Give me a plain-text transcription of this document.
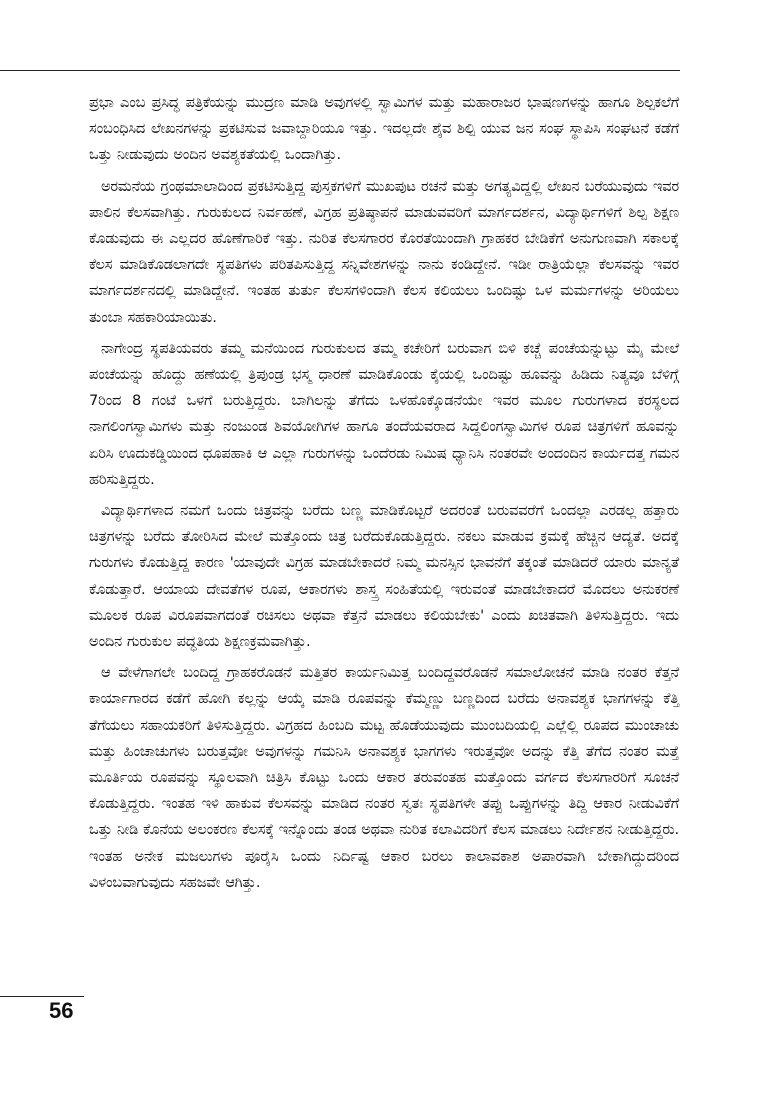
ಪ್ರಭಾ ಎಂಬ ಪ್ರಸಿದ್ಧ ಪತ್ರಿಕೆಯನ್ನು ಮುದ್ರಣ ಮಾಡಿ ಅವುಗಳಲ್ಲಿ ಸ್ವಾಮಿಗಳ ಮತ್ತು ಮಹಾರಾಜರ ಭಾಷಣಗಳನ್ನು ಹಾಗೂ ಶಿಲ್ಪಕಲೆಗೆ ಸಂಬಂಧಿಸಿದ ಲೇಖನಗಳನ್ನು ಪ್ರಕಟಿಸುವ ಜವಾಬ್ದಾರಿಯೂ ಇತ್ತು. ಇದಲ್ಲದೇ ಶೈವ ಶಿಲ್ಪಿ ಯುವ ಜನ ಸಂಘ ಸ್ಥಾಪಿಸಿ ಸಂಘಟನೆ ಕಡೆಗೆ ಒತ್ತು ನೀಡುವುದು ಅಂದಿನ ಅವಶ್ಯಕತೆಯಲ್ಲಿ ಒಂದಾಗಿತ್ತು.

ಅರಮನೆಯ ಗ್ರಂಥಮಾಲಾದಿಂದ ಪ್ರಕಟಿಸುತ್ತಿದ್ದ ಪುಸ್ತಕಗಳಿಗೆ ಮುಖಪುಟ ರಚನೆ ಮತ್ತು ಅಗತ್ಯವಿದ್ದಲ್ಲಿ ಲೇಖನ ಬರೆಯುವುದು ಇವರ ಪಾಲಿನ ಕೆಲಸವಾಗಿತ್ತು. ಗುರುಕುಲದ ನಿರ್ವಹಣೆ, ವಿಗ್ರಹ ಪ್ರತಿಷ್ಠಾಪನೆ ಮಾಡುವವರಿಗೆ ಮಾರ್ಗದರ್ಶನ, ವಿದ್ಯಾರ್ಥಿಗಳಿಗೆ ಶಿಲ್ಪ ಶಿಕ್ಷಣ ಕೊಡುವುದು ಈ ಎಲ್ಲದರ ಹೊಣೆಗಾರಿಕೆ ಇತ್ತು. ನುರಿತ ಕೆಲಸಗಾರರ ಕೊರತೆಯಿಂದಾಗಿ ಗ್ರಾಹಕರ ಬೇಡಿಕೆಗೆ ಅನುಗುಣವಾಗಿ ಸಕಾಲಕ್ಕೆ ಕೆಲಸ ಮಾಡಿಕೊಡಲಾಗದೇ ಸ್ಥಪತಿಗಳು ಪರಿತಪಿಸುತ್ತಿದ್ದ ಸನ್ನಿವೇಶಗಳನ್ನು ನಾನು ಕಂಡಿದ್ದೇನೆ. ಇಡೀ ರಾತ್ರಿಯೆಲ್ಲಾ ಕೆಲಸವನ್ನು ಇವರ ಮಾರ್ಗದರ್ಶನದಲ್ಲಿ ಮಾಡಿದ್ದೇನೆ. ಇಂತಹ ತುರ್ತು ಕೆಲಸಗಳಿಂದಾಗಿ ಕೆಲಸ ಕಲಿಯಲು ಒಂದಿಷ್ಟು ಒಳ ಮರ್ಮಗಳನ್ನು ಅರಿಯಲು ತುಂಬಾ ಸಹಕಾರಿಯಾಯಿತು.

ನಾಗೇಂದ್ರ ಸ್ಥಪತಿಯವರು ತಮ್ಮ ಮನೆಯಿಂದ ಗುರುಕುಲದ ತಮ್ಮ ಕಚೇರಿಗೆ ಬರುವಾಗ ಬಿಳಿ ಕಚ್ಚೆ ಪಂಚೆಯನ್ನುಟ್ಟು ಮೈ ಮೇಲೆ ಪಂಚೆಯನ್ನು ಹೊದ್ದು ಹಣೆಯಲ್ಲಿ ತ್ರಿಪುಂಡ್ರ ಭಸ್ಮ ಧಾರಣೆ ಮಾಡಿಕೊಂಡು ಕೈಯಲ್ಲಿ ಒಂದಿಷ್ಟು ಹೂವನ್ನು ಹಿಡಿದು ನಿತ್ಯವೂ ಬೆಳಿಗ್ಗೆ 7ರಿಂದ 8 ಗಂಟೆ ಒಳಗೆ ಬರುತ್ತಿದ್ದರು. ಬಾಗಿಲನ್ನು ತೆಗೆದು ಒಳಹೊಕ್ಕೊಡನೆಯೇ ಇವರ ಮೂಲ ಗುರುಗಳಾದ ಕರಸ್ಥಲದ ನಾಗಲಿಂಗಸ್ವಾಮಿಗಳು ಮತ್ತು ನಂಜುಂಡ ಶಿವಯೋಗಿಗಳ ಹಾಗೂ ತಂದೆಯವರಾದ ಸಿದ್ದಲಿಂಗಸ್ವಾಮಿಗಳ ರೂಪ ಚಿತ್ರಗಳಿಗೆ ಹೂವನ್ನು ಏರಿಸಿ ಊದುಕಡ್ಡಿಯಿಂದ ಧೂಪಹಾಕಿ ಆ ಎಲ್ಲಾ ಗುರುಗಳನ್ನು ಒಂದೆರಡು ನಿಮಿಷ ಧ್ಯಾನಿಸಿ ನಂತರವೇ ಅಂದಂದಿನ ಕಾರ್ಯದತ್ತ ಗಮನ ಹರಿಸುತ್ತಿದ್ದರು.

ವಿದ್ಯಾರ್ಥಿಗಳಾದ ನಮಗೆ ಒಂದು ಚಿತ್ರವನ್ನು ಬರೆದು ಬಣ್ಣ ಮಾಡಿಕೊಟ್ಟರೆ ಅದರಂತೆ ಬರುವವರೆಗೆ ಒಂದಲ್ಲಾ ಎರಡಲ್ಲ ಹತ್ತಾರು ಚಿತ್ರಗಳನ್ನು ಬರೆದು ತೋರಿಸಿದ ಮೇಲೆ ಮತ್ತೊಂದು ಚಿತ್ರ ಬರೆದುಕೊಡುತ್ತಿದ್ದರು. ನಕಲು ಮಾಡುವ ಕ್ರಮಕ್ಕೆ ಹೆಚ್ಚಿನ ಆದ್ಯತೆ. ಅದಕ್ಕೆ ಗುರುಗಳು ಕೊಡುತ್ತಿದ್ದ ಕಾರಣ 'ಯಾವುದೇ ವಿಗ್ರಹ ಮಾಡಬೇಕಾದರೆ ನಿಮ್ಮ ಮನಸ್ಸಿನ ಭಾವನೆಗೆ ತಕ್ಕಂತೆ ಮಾಡಿದರೆ ಯಾರು ಮಾನ್ಯತೆ ಕೊಡುತ್ತಾರೆ. ಆಯಾಯ ದೇವತೆಗಳ ರೂಪ, ಆಕಾರಗಳು ಶಾಸ್ತ್ರ ಸಂಹಿತೆಯಲ್ಲಿ ಇರುವಂತೆ ಮಾಡಬೇಕಾದರೆ ಮೊದಲು ಅನುಕರಣೆ ಮೂಲಕ ರೂಪ ವಿರೂಪವಾಗದಂತೆ ರಚಿಸಲು ಅಥವಾ ಕೆತ್ತನೆ ಮಾಡಲು ಕಲಿಯಬೇಕು' ಎಂದು ಖಚಿತವಾಗಿ ತಿಳಿಸುತ್ತಿದ್ದರು. ಇದು ಅಂದಿನ ಗುರುಕುಲ ಪದ್ಧತಿಯ ಶಿಕ್ಷಣಕ್ರಮವಾಗಿತ್ತು.

ಆ ವೇಳೆಗಾಗಲೇ ಬಂದಿದ್ದ ಗ್ರಾಹಕರೊಡನೆ ಮತ್ತಿತರ ಕಾರ್ಯನಿಮಿತ್ತ ಬಂದಿದ್ದವರೊಡನೆ ಸಮಾಲೋಚನೆ ಮಾಡಿ ನಂತರ ಕೆತ್ತನೆ ಕಾರ್ಯಾಗಾರದ ಕಡೆಗೆ ಹೋಗಿ ಕಲ್ಲನ್ನು ಆಯ್ಕೆ ಮಾಡಿ ರೂಪವನ್ನು ಕೆಮ್ಮಣ್ಣು ಬಣ್ಣದಿಂದ ಬರೆದು ಅನಾವಶ್ಯಕ ಭಾಗಗಳನ್ನು ಕೆತ್ತಿ ತೆಗೆಯಲು ಸಹಾಯಕರಿಗೆ ತಿಳಿಸುತ್ತಿದ್ದರು. ವಿಗ್ರಹದ ಹಿಂಬದಿ ಮಟ್ಟ ಹೊಡೆಯುವುದು ಮುಂಬದಿಯಲ್ಲಿ ಎಲ್ಲೆಲ್ಲಿ ರೂಪದ ಮುಂಚಾಚು ಮತ್ತು ಹಿಂಚಾಚುಗಳು ಬರುತ್ತವೋ ಅವುಗಳನ್ನು ಗಮನಿಸಿ ಅನಾವಶ್ಯಕ ಭಾಗಗಳು ಇರುತ್ತವೋ ಅದನ್ನು ಕೆತ್ತಿ ತೆಗೆದ ನಂತರ ಮತ್ತೆ ಮೂರ್ತಿಯ ರೂಪವನ್ನು ಸ್ಥೂಲವಾಗಿ ಚಿತ್ರಿಸಿ ಕೊಟ್ಟು ಒಂದು ಆಕಾರ ತರುವಂತಹ ಮತ್ತೊಂದು ವರ್ಗದ ಕೆಲಸಗಾರರಿಗೆ ಸೂಚನೆ ಕೊಡುತ್ತಿದ್ದರು. ಇಂತಹ ಇಳಿ ಹಾಕುವ ಕೆಲಸವನ್ನು ಮಾಡಿದ ನಂತರ ಸ್ವತಃ ಸ್ಥಪತಿಗಳೇ ತಪ್ಪು ಒಪ್ಪುಗಳನ್ನು ತಿದ್ದಿ ಆಕಾರ ನೀಡುವಿಕೆಗೆ ಒತ್ತು ನೀಡಿ ಕೊನೆಯ ಅಲಂಕರಣ ಕೆಲಸಕ್ಕೆ ಇನ್ನೊಂದು ತಂಡ ಅಥವಾ ನುರಿತ ಕಲಾವಿದರಿಗೆ ಕೆಲಸ ಮಾಡಲು ನಿರ್ದೇಶನ ನೀಡುತ್ತಿದ್ದರು. ಇಂತಹ ಅನೇಕ ಮಜಲುಗಳು ಪೂರೈಸಿ ಒಂದು ನಿರ್ದಿಷ್ಟ ಆಕಾರ ಬರಲು ಕಾಲಾವಕಾಶ ಅಪಾರವಾಗಿ ಬೇಕಾಗಿದ್ದುದರಿಂದ ವಿಳಂಬವಾಗುವುದು ಸಹಜವೇ ಆಗಿತ್ತು.

56
